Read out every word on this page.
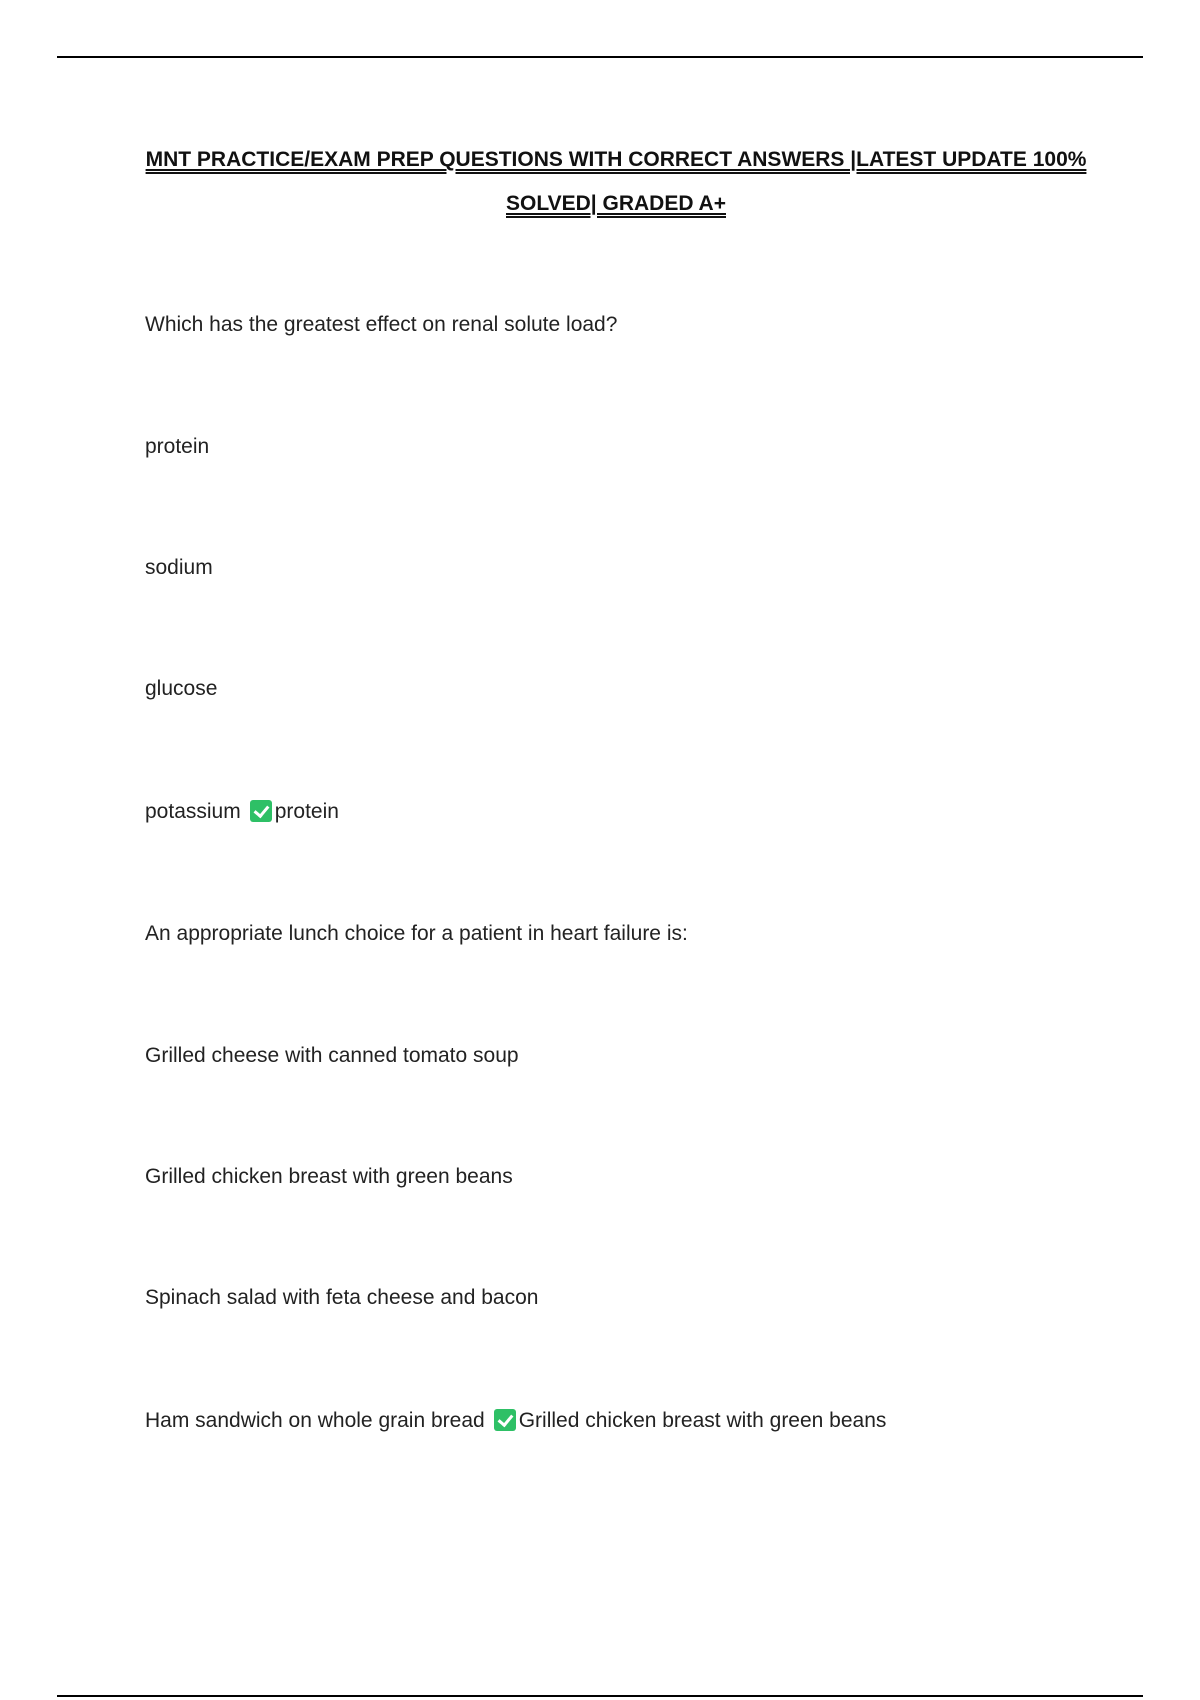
MNT PRACTICE/EXAM PREP QUESTIONS WITH CORRECT ANSWERS |LATEST UPDATE 100%
SOLVED| GRADED A+
Which has the greatest effect on renal solute load?
protein
sodium
glucose
potassium protein
An appropriate lunch choice for a patient in heart failure is:
Grilled cheese with canned tomato soup
Grilled chicken breast with green beans
Spinach salad with feta cheese and bacon
Ham sandwich on whole grain bread Grilled chicken breast with green beans
